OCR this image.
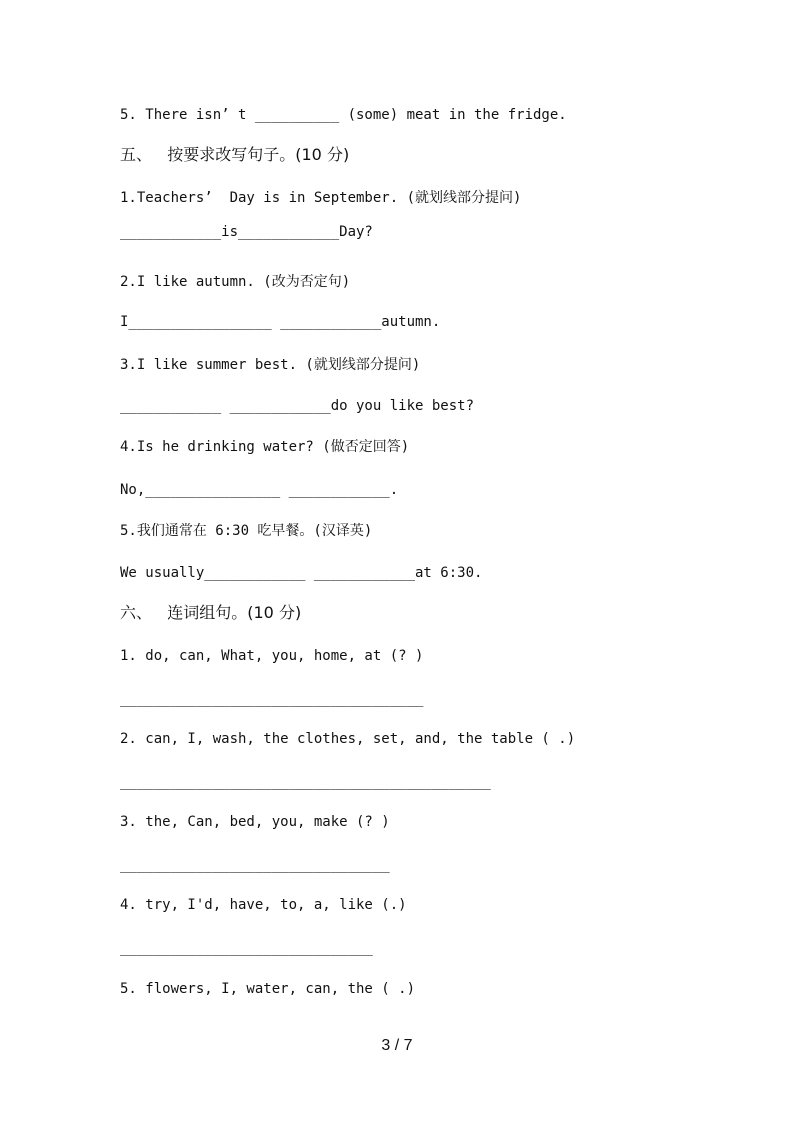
5. There isn’ t __________ (some) meat in the fridge.
五、   按要求改写句子。(10 分)
1.Teachers’  Day is in September. (就划线部分提问)
____________is____________Day?
2.I like autumn. (改为否定句)
I_________________ ____________autumn.
3.I like summer best. (就划线部分提问)
____________ ____________do you like best?
4.Is he drinking water? (做否定回答)
No,________________ ____________.
5.我们通常在 6:30 吃早餐。(汉译英)
We usually____________ ____________at 6:30.
六、   连词组句。(10 分)
1. do, can, What, you, home, at (? )
____________________________________
2. can, I, wash, the clothes, set, and, the table ( .)
____________________________________________
3. the, Can, bed, you, make (? )
________________________________
4. try, I'd, have, to, a, like (.)
______________________________
5. flowers, I, water, can, the ( .)
3 / 7
